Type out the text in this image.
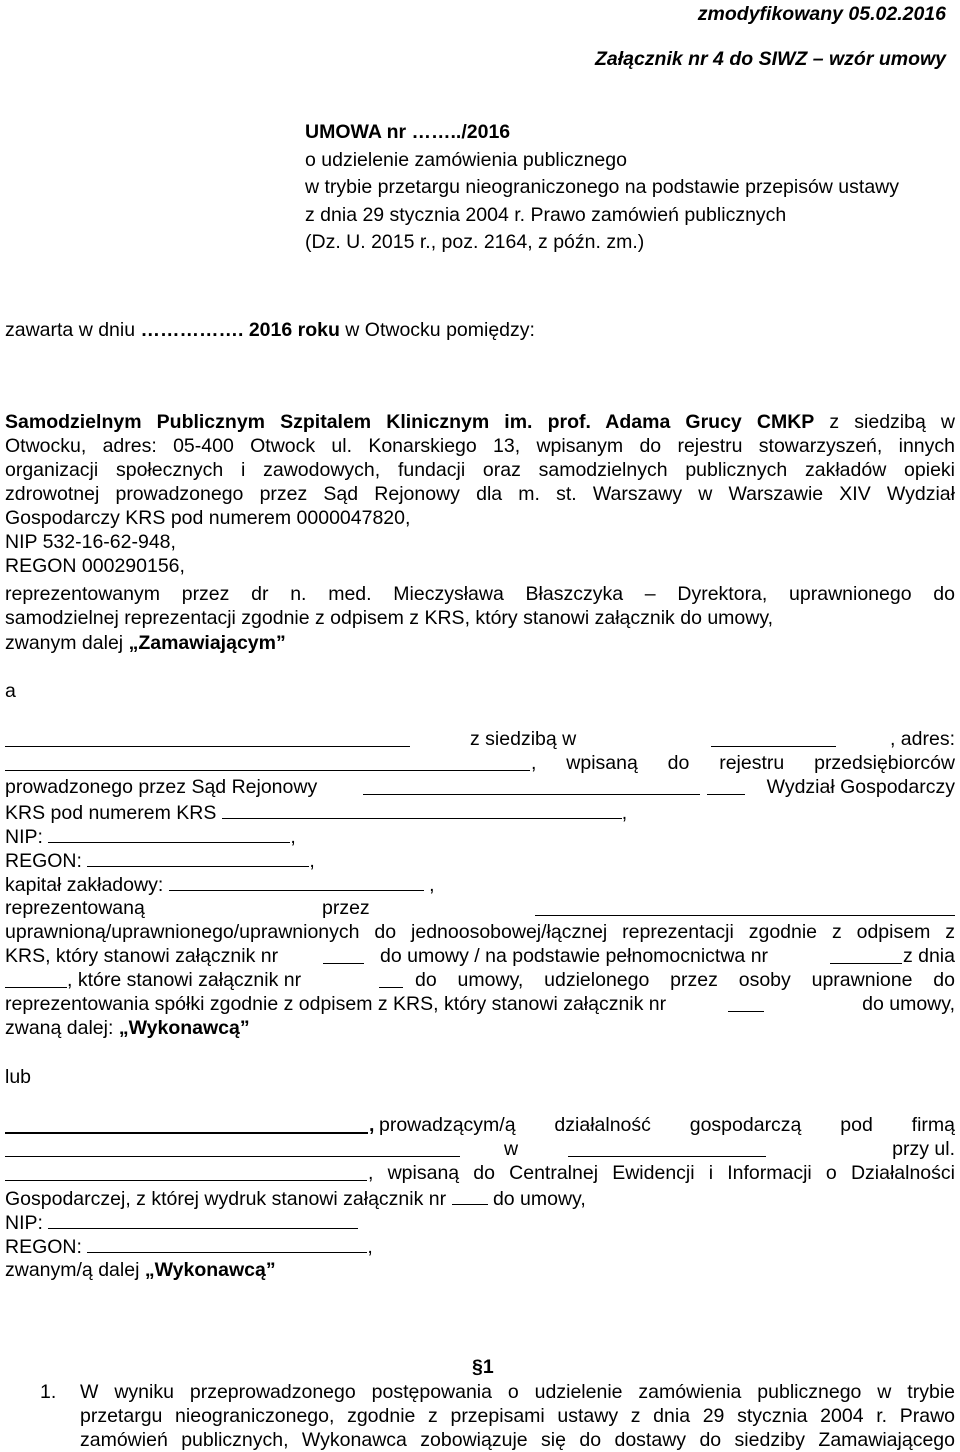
zmodyfikowany 05.02.2016
Załącznik nr 4 do SIWZ – wzór umowy
UMOWA nr ……../2016
o udzielenie zamówienia publicznego
w trybie przetargu nieograniczonego na podstawie przepisów ustawy
z dnia 29 stycznia 2004 r. Prawo zamówień publicznych
(Dz. U. 2015 r., poz. 2164, z późn. zm.)
zawarta w dniu ……………. 2016 roku w Otwocku pomiędzy:
Samodzielnym Publicznym Szpitalem Klinicznym im. prof. Adama Grucy CMKP z siedzibą w
Otwocku, adres: 05-400 Otwock ul. Konarskiego 13, wpisanym do rejestru stowarzyszeń, innych
organizacji społecznych i zawodowych, fundacji oraz samodzielnych publicznych zakładów opieki
zdrowotnej prowadzonego przez Sąd Rejonowy dla m. st. Warszawy w Warszawie XIV Wydział
Gospodarczy KRS pod numerem 0000047820,
NIP 532-16-62-948,
REGON 000290156,
reprezentowanym przez dr n. med. Mieczysława Błaszczyka – Dyrektora, uprawnionego do
samodzielnej reprezentacji zgodnie z odpisem z KRS, który stanowi załącznik do umowy,
zwanym dalej „Zamawiającym”
a
z siedzibą w	, adres:
, wpisaną do rejestru przedsiębiorców
prowadzonego przez Sąd Rejonowy	Wydział Gospodarczy
KRS pod numerem KRS	,
NIP:	,
REGON:	,
kapitał zakładowy:	,
reprezentowaną	przez
uprawnioną/uprawnionego/uprawnionych do jednoosobowej/łącznej reprezentacji zgodnie z odpisem z
KRS, który stanowi załącznik nr	do umowy / na podstawie pełnomocnictwa nr	z dnia
, które stanowi załącznik nr	do umowy, udzielonego przez osoby uprawnione do
reprezentowania spółki zgodnie z odpisem z KRS, który stanowi załącznik nr	do umowy,
zwaną dalej: „Wykonawcą”
lub
, prowadzącym/ą działalność gospodarczą pod firmą
w	przy ul.
, wpisaną do Centralnej Ewidencji i Informacji o Działalności
Gospodarczej, z której wydruk stanowi załącznik nr do umowy,
NIP:
REGON:	,
zwanym/ą dalej „Wykonawcą”
§1
1. W wyniku przeprowadzonego postępowania o udzielenie zamówienia publicznego w trybie
przetargu nieograniczonego, zgodnie z przepisami ustawy z dnia 29 stycznia 2004 r. Prawo
zamówień publicznych, Wykonawca zobowiązuje się do dostawy do siedziby Zamawiającego
